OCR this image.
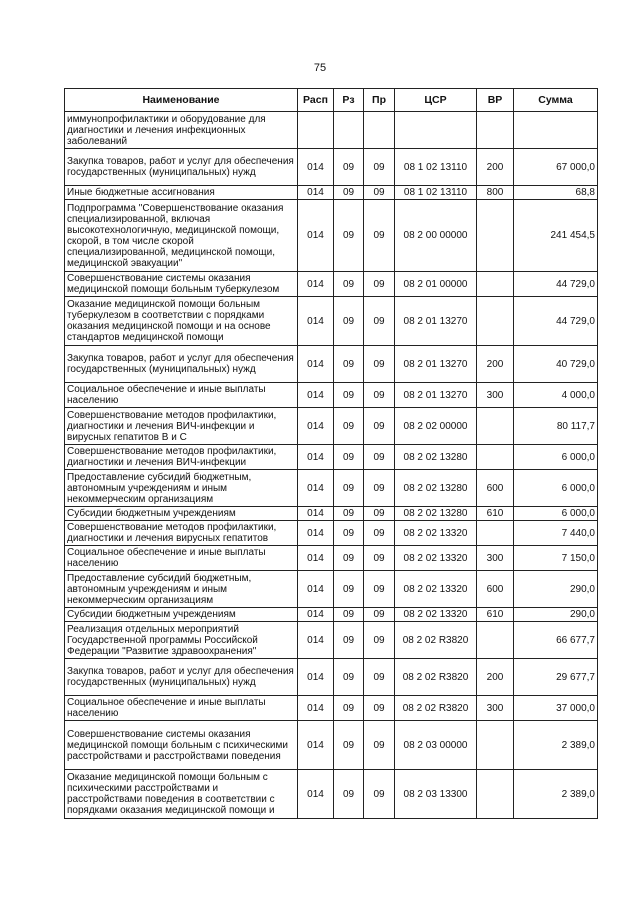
75
Наименование	Расп	Рз	Пр	ЦСР	ВР	Сумма
иммунопрофилактики и оборудование для диагностики и лечения инфекционных заболеваний						
Закупка товаров, работ и услуг для обеспечения государственных (муниципальных) нужд	014	09	09	08 1 02 13110	200	67 000,0
Иные бюджетные ассигнования	014	09	09	08 1 02 13110	800	68,8
Подпрограмма "Совершенствование оказания специализированной, включая высокотехнологичную, медицинской помощи, скорой, в том числе скорой специализированной, медицинской помощи, медицинской эвакуации"	014	09	09	08 2 00 00000		241 454,5
Совершенствование системы оказания медицинской помощи больным туберкулезом	014	09	09	08 2 01 00000		44 729,0
Оказание медицинской помощи больным туберкулезом в соответствии с порядками оказания медицинской помощи и на основе стандартов медицинской помощи	014	09	09	08 2 01 13270		44 729,0
Закупка товаров, работ и услуг для обеспечения государственных (муниципальных) нужд	014	09	09	08 2 01 13270	200	40 729,0
Социальное обеспечение и иные выплаты населению	014	09	09	08 2 01 13270	300	4 000,0
Совершенствование методов профилактики, диагностики и лечения ВИЧ-инфекции и вирусных гепатитов В и С	014	09	09	08 2 02 00000		80 117,7
Совершенствование методов профилактики, диагностики и лечения ВИЧ-инфекции	014	09	09	08 2 02 13280		6 000,0
Предоставление субсидий бюджетным, автономным учреждениям и иным некоммерческим организациям	014	09	09	08 2 02 13280	600	6 000,0
Субсидии бюджетным учреждениям	014	09	09	08 2 02 13280	610	6 000,0
Совершенствование методов профилактики, диагностики и лечения вирусных гепатитов	014	09	09	08 2 02 13320		7 440,0
Социальное обеспечение и иные выплаты населению	014	09	09	08 2 02 13320	300	7 150,0
Предоставление субсидий бюджетным, автономным учреждениям и иным некоммерческим организациям	014	09	09	08 2 02 13320	600	290,0
Субсидии бюджетным учреждениям	014	09	09	08 2 02 13320	610	290,0
Реализация отдельных мероприятий Государственной программы Российской Федерации "Развитие здравоохранения"	014	09	09	08 2 02 R3820		66 677,7
Закупка товаров, работ и услуг для обеспечения государственных (муниципальных) нужд	014	09	09	08 2 02 R3820	200	29 677,7
Социальное обеспечение и иные выплаты населению	014	09	09	08 2 02 R3820	300	37 000,0
Совершенствование системы оказания медицинской помощи больным с психическими расстройствами и расстройствами поведения	014	09	09	08 2 03 00000		2 389,0
Оказание медицинской помощи больным с психическими расстройствами и расстройствами поведения в соответствии с порядками оказания медицинской помощи и	014	09	09	08 2 03 13300		2 389,0
